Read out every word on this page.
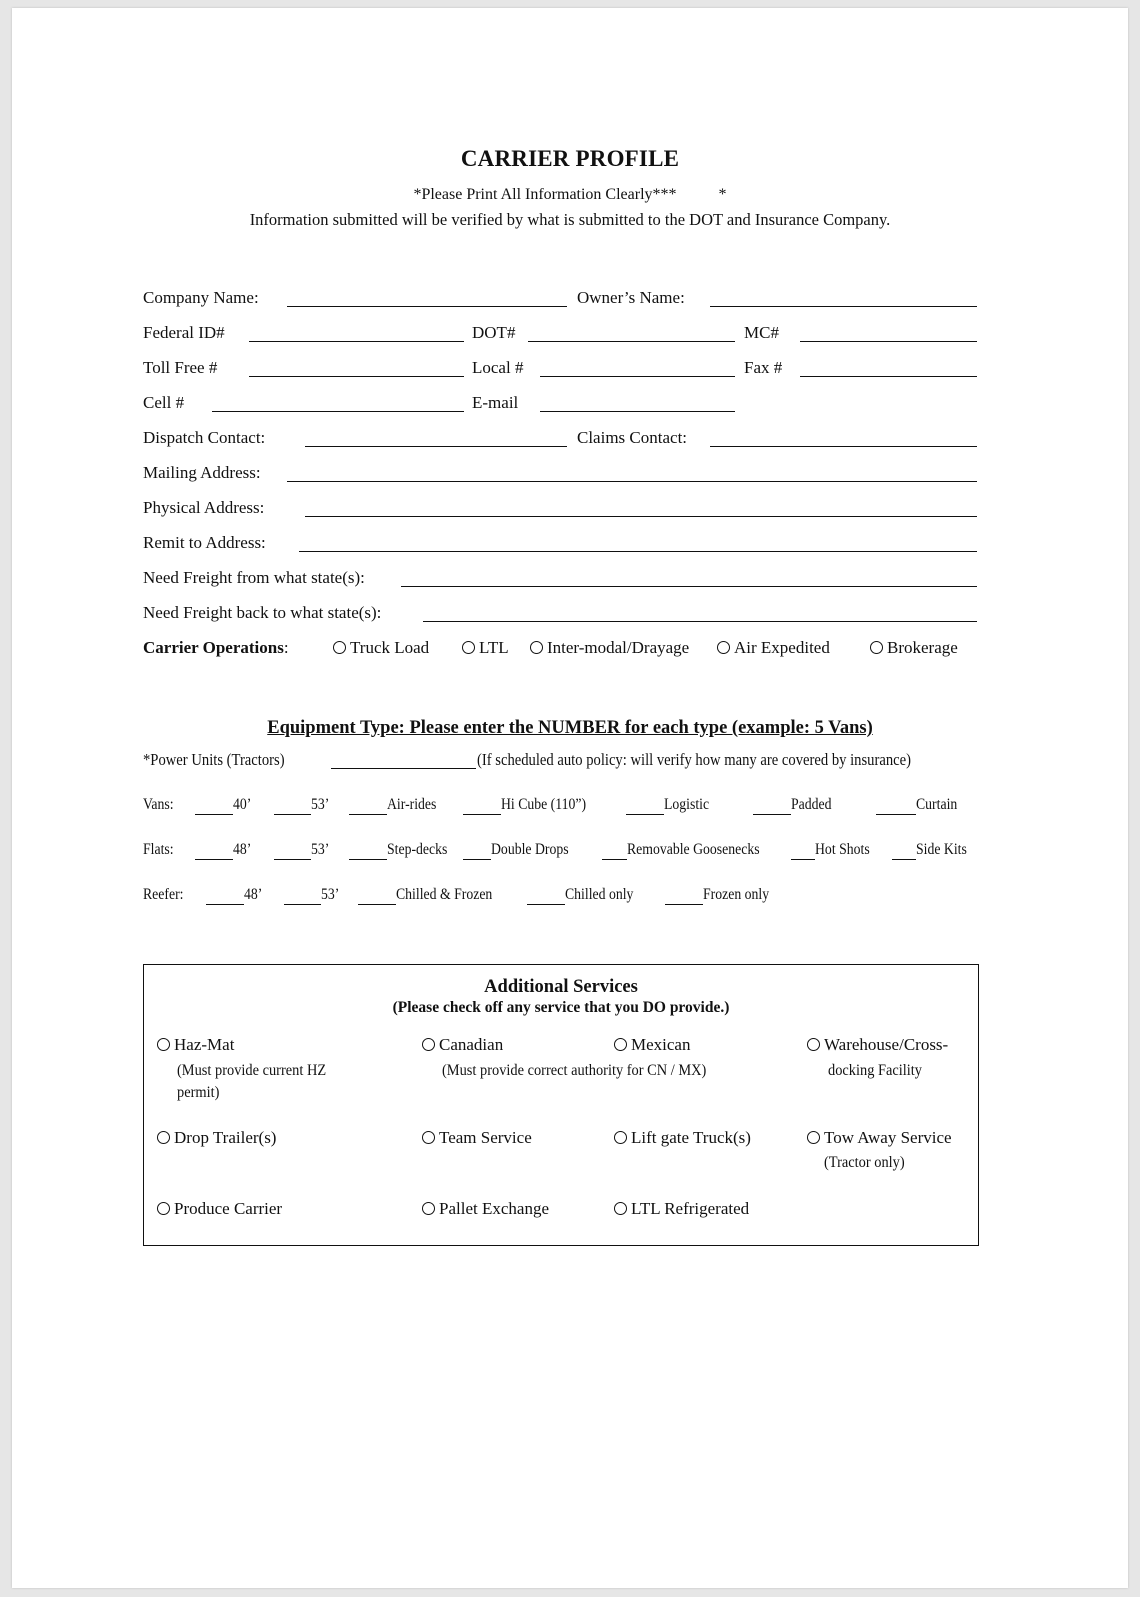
CARRIER PROFILE
*Please Print All Information Clearly***	*
Information submitted will be verified by what is submitted to the DOT and Insurance Company.
Company Name:	Owner’s Name:
Federal ID#	DOT#	MC#
Toll Free #	Local #	Fax #
Cell #	E-mail
Dispatch Contact:	Claims Contact:
Mailing Address:
Physical Address:
Remit to Address:
Need Freight from what state(s):
Need Freight back to what state(s):
Carrier Operations:	Truck Load	LTL	Inter-modal/Drayage	Air Expedited	Brokerage
Equipment Type: Please enter the NUMBER for each type (example: 5 Vans)
*Power Units (Tractors)	(If scheduled auto policy: will verify how many are covered by insurance)
Vans:	40’	53’	Air-rides	Hi Cube (110”)	Logistic	Padded	Curtain
Flats:	48’	53’	Step-decks	Double Drops	Removable Goosenecks	Hot Shots	Side Kits
Reefer:	48’	53’	Chilled & Frozen	Chilled only	Frozen only
Additional Services
(Please check off any service that you DO provide.)
Haz-Mat
(Must provide current HZ
permit)
Canadian	Mexican
(Must provide correct authority for CN / MX)
Warehouse/Cross-
docking Facility
Drop Trailer(s)	Team Service	Lift gate Truck(s)	Tow Away Service
(Tractor only)
Produce Carrier	Pallet Exchange	LTL Refrigerated
